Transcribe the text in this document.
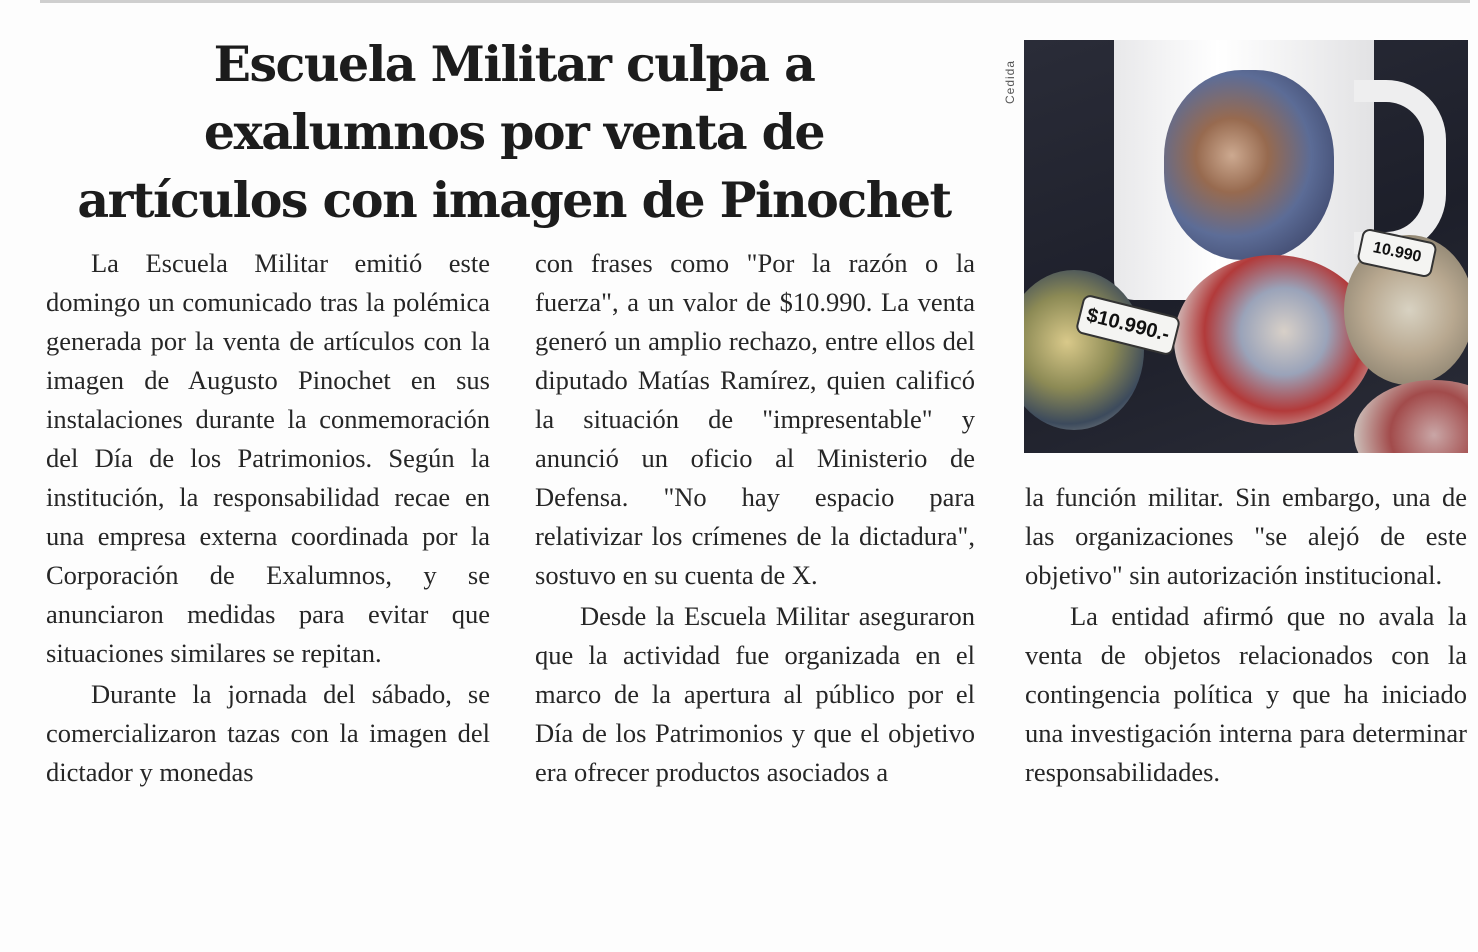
Escuela Militar culpa a
exalumnos por venta de
artículos con imagen de Pinochet

La Escuela Militar emitió este domingo un comunicado tras la polémica generada por la venta de artículos con la imagen de Augusto Pinochet en sus instalaciones durante la conmemoración del Día de los Patrimonios. Según la institución, la responsabilidad recae en una empresa externa coordinada por la Corporación de Exalumnos, y se anunciaron medidas para evitar que situaciones similares se repitan.

Durante la jornada del sábado, se comercializaron tazas con la imagen del dictador y monedas

con frases como "Por la razón o la fuerza", a un valor de $10.990. La venta generó un amplio rechazo, entre ellos del diputado Matías Ramírez, quien calificó la situación de "impresentable" y anunció un oficio al Ministerio de Defensa. "No hay espacio para relativizar los crímenes de la dictadura", sostuvo en su cuenta de X.

Desde la Escuela Militar aseguraron que la actividad fue organizada en el marco de la apertura al público por el Día de los Patrimonios y que el objetivo era ofrecer productos asociados a

Cedida
$10.990.-
10.990

la función militar. Sin embargo, una de las organizaciones "se alejó de este objetivo" sin autorización institucional.

La entidad afirmó que no avala la venta de objetos relacionados con la contingencia política y que ha iniciado una investigación interna para determinar responsabilidades.
